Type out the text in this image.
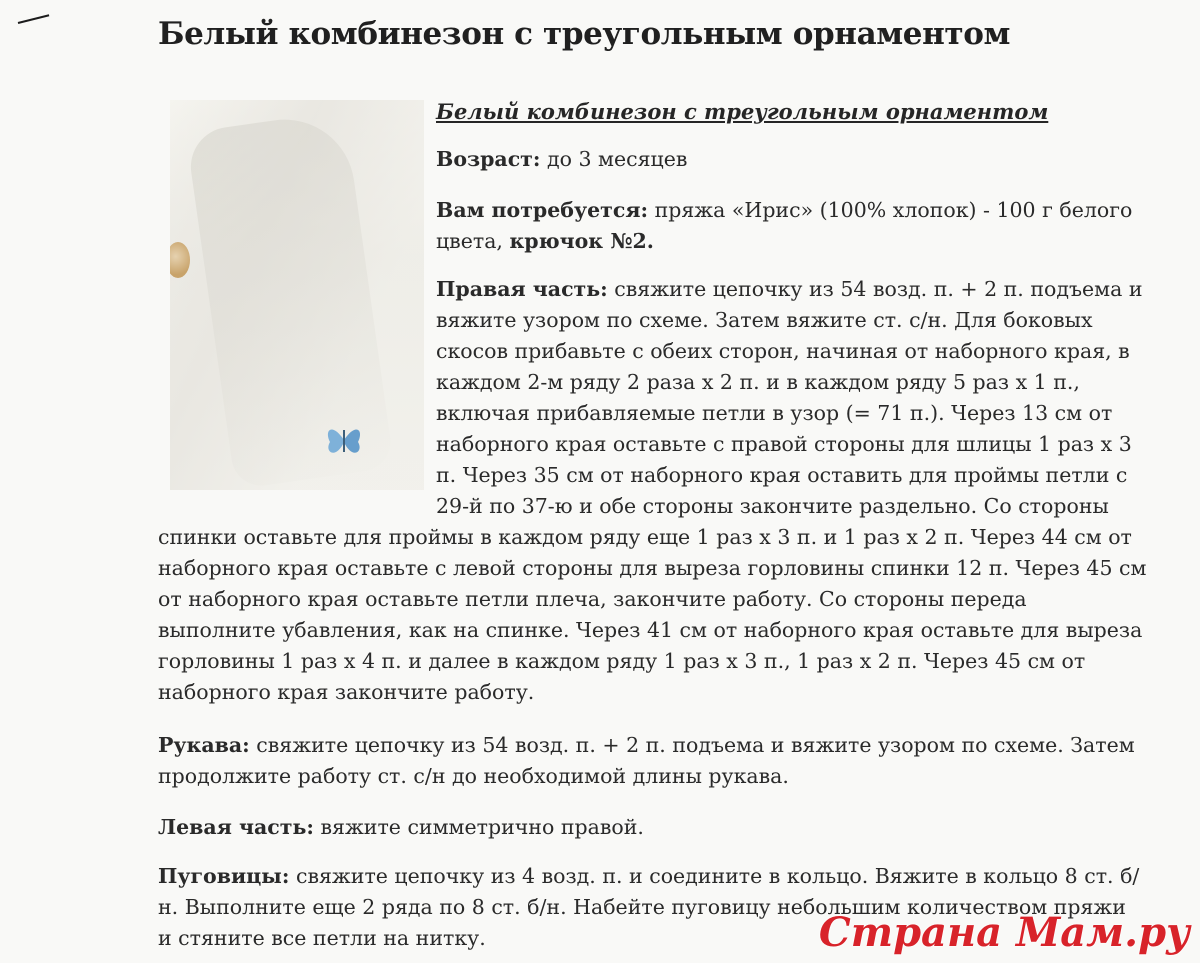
Белый комбинезон с треугольным орнаментом
Белый комбинезон с треугольным орнаментом

Возраст: до 3 месяцев

Вам потребуется: пряжа «Ирис» (100% хлопок) - 100 г белого цвета, крючок №2.

Правая часть: свяжите цепочку из 54 возд. п. + 2 п. подъема и

вяжите узором по схеме. Затем вяжите ст. с/н. Для боковых

скосов прибавьте с обеих сторон, начиная от наборного края, в

каждом 2-м ряду 2 раза х 2 п. и в каждом ряду 5 раз х 1 п.,

включая прибавляемые петли в узор (= 71 п.). Через 13 см от

наборного края оставьте с правой стороны для шлицы 1 раз х 3

п. Через 35 см от наборного края оставить для проймы петли с

29-й по 37-ю и обе стороны закончите раздельно. Со стороны

спинки оставьте для проймы в каждом ряду еще 1 раз х 3 п. и 1 раз х 2 п. Через 44 см от

наборного края оставьте с левой стороны для выреза горловины спинки 12 п. Через 45 см

от наборного края оставьте петли плеча, закончите работу. Со стороны переда

выполните убавления, как на спинке. Через 41 см от наборного края оставьте для выреза

горловины 1 раз х 4 п. и далее в каждом ряду 1 раз х 3 п., 1 раз х 2 п. Через 45 см от

наборного края закончите работу.

Рукава: свяжите цепочку из 54 возд. п. + 2 п. подъема и вяжите узором по схеме. Затем

продолжите работу ст. с/н до необходимой длины рукава.

Левая часть: вяжите симметрично правой.

Пуговицы: свяжите цепочку из 4 возд. п. и соедините в кольцо. Вяжите в кольцо 8 ст. б/

н. Выполните еще 2 ряда по 8 ст. б/н. Набейте пуговицу небольшим количеством пряжи

и стяните все петли на нитку.	Страна Мам.ру
